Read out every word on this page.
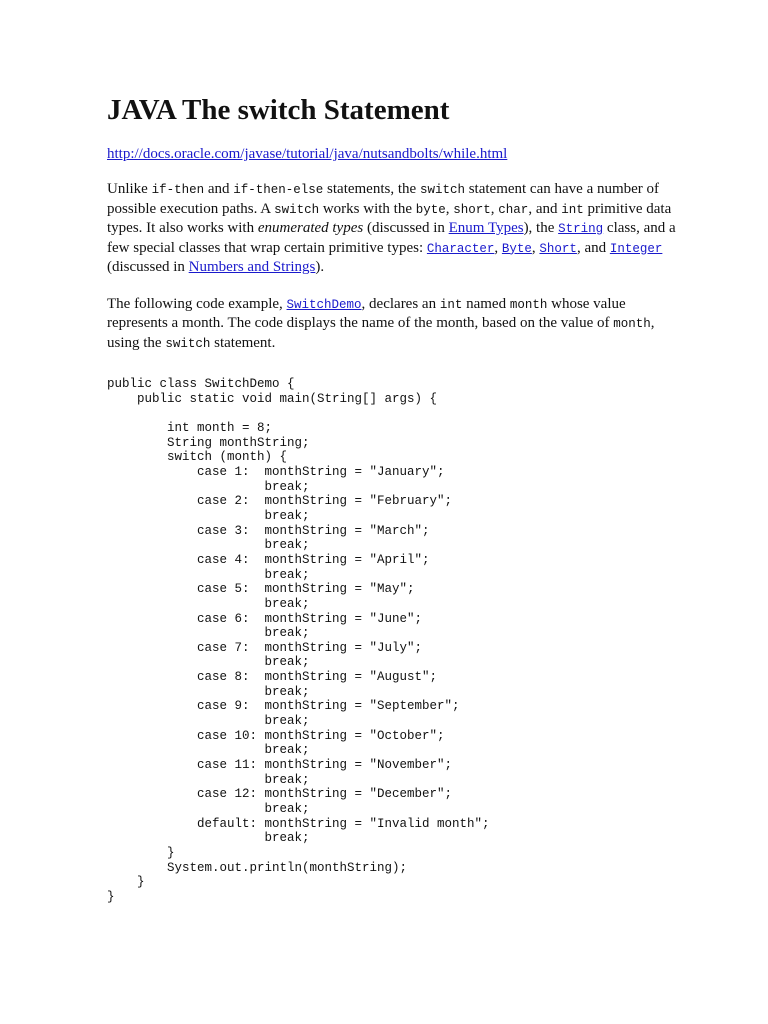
JAVA The switch Statement
http://docs.oracle.com/javase/tutorial/java/nutsandbolts/while.html

Unlike if-then and if-then-else statements, the switch statement can have a number of possible execution paths. A switch works with the byte, short, char, and int primitive data types. It also works with enumerated types (discussed in Enum Types), the String class, and a few special classes that wrap certain primitive types: Character, Byte, Short, and Integer (discussed in Numbers and Strings).

The following code example, SwitchDemo, declares an int named month whose value represents a month. The code displays the name of the month, based on the value of month, using the switch statement.

public class SwitchDemo {
public static void main(String[] args) {

int month = 8;
String monthString;
switch (month) {
case 1:  monthString = "January";
break;
case 2:  monthString = "February";
break;
case 3:  monthString = "March";
break;
case 4:  monthString = "April";
break;
case 5:  monthString = "May";
break;
case 6:  monthString = "June";
break;
case 7:  monthString = "July";
break;
case 8:  monthString = "August";
break;
case 9:  monthString = "September";
break;
case 10: monthString = "October";
break;
case 11: monthString = "November";
break;
case 12: monthString = "December";
break;
default: monthString = "Invalid month";
break;
}
System.out.println(monthString);
}
}
